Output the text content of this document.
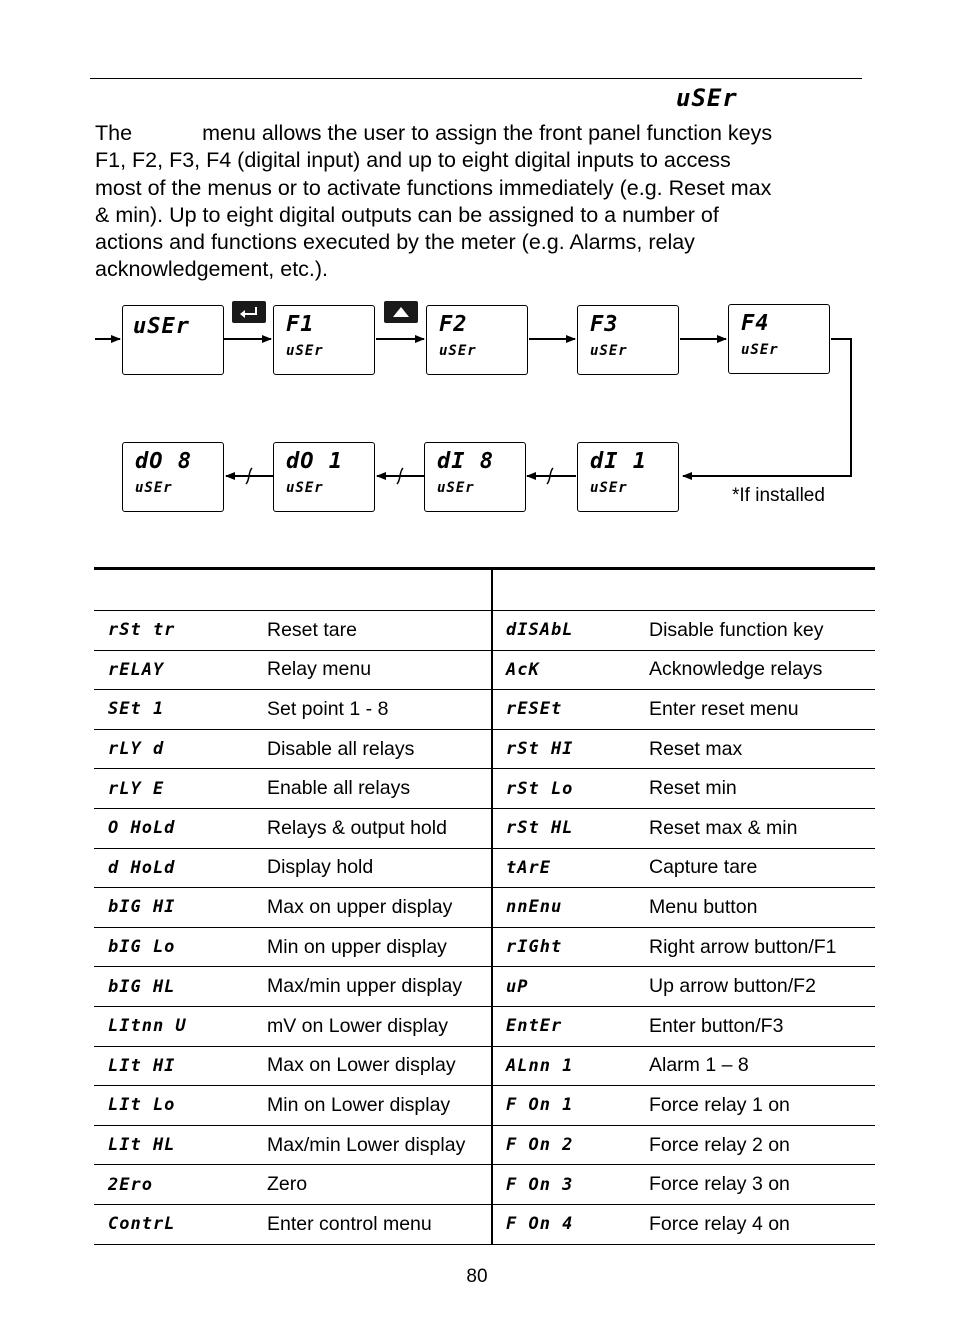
uSEr
The	menu allows the user to assign the front panel function keys
F1, F2, F3, F4 (digital input) and up to eight digital inputs to access
most of the menus or to activate functions immediately (e.g. Reset max
& min). Up to eight digital outputs can be assigned to a number of
actions and functions executed by the meter (e.g. Alarms, relay
acknowledgement, etc.).
uSEr	F1
uSEr
F2
uSEr
F3
uSEr
F4
uSEr
dO 8
uSEr
dO 1
uSEr
dI 8
uSEr
dI 1
uSEr	*If installed

rSt tr	Reset tare	dISAbL	Disable function key
rELAY	Relay menu	AcK	Acknowledge relays
SEt 1	Set point 1 - 8	rESEt	Enter reset menu
rLY d	Disable all relays	rSt HI	Reset max
rLY E	Enable all relays	rSt Lo	Reset min
O HoLd	Relays & output hold	rSt HL	Reset max & min
d HoLd	Display hold	tArE	Capture tare
bIG HI	Max on upper display	nnEnu	Menu button
bIG Lo	Min on upper display	rIGht	Right arrow button/F1
bIG HL	Max/min upper display	uP	Up arrow button/F2
LItnn U	mV on Lower display	EntEr	Enter button/F3
LIt HI	Max on Lower display	ALnn 1	Alarm 1 – 8
LIt Lo	Min on Lower display	F On 1	Force relay 1 on
LIt HL	Max/min Lower display	F On 2	Force relay 2 on
2Ero	Zero	F On 3	Force relay 3 on
ContrL	Enter control menu	F On 4	Force relay 4 on
80
